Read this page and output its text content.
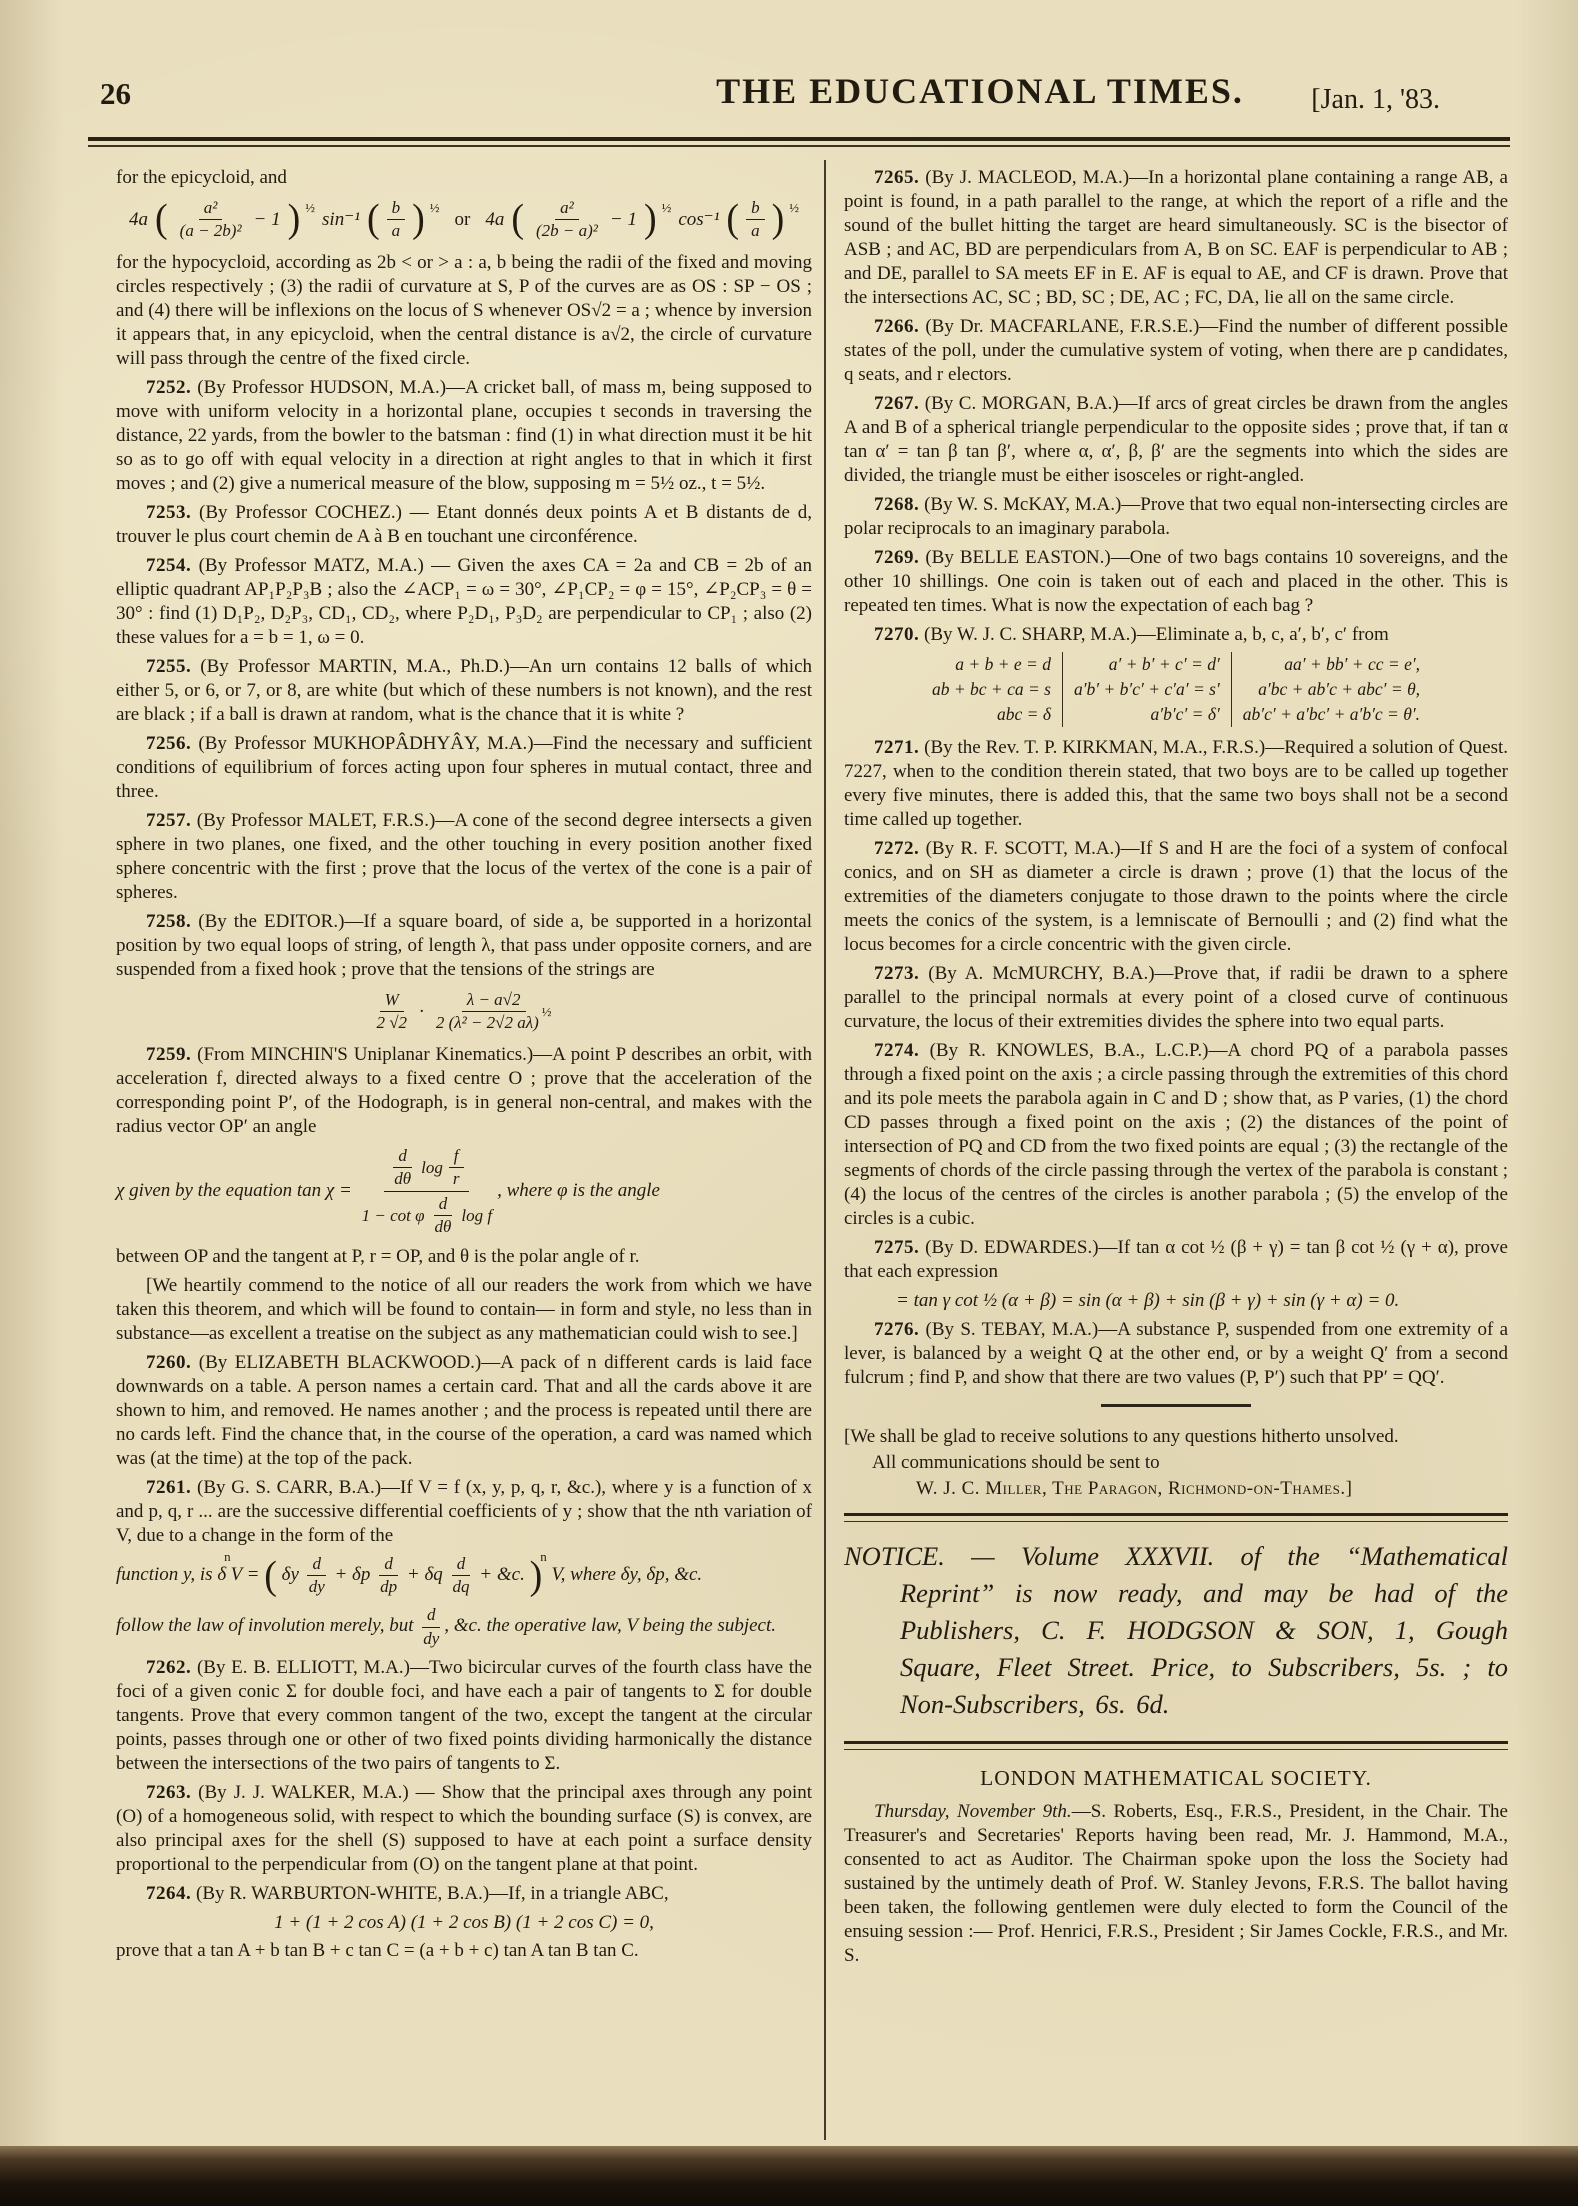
26	THE EDUCATIONAL TIMES.	[Jan. 1, '83.

for the epicycloid, and

4a ( $\frac{\text{a²}}{\text{(a − 2b)²}} - 1$ ) $^{\frac{1}{2}}$
sin⁻¹ ( $\frac{b}{a}$ ) $^{\frac{1}{2}}$
or 4a ( $\frac{\text{a²}}{\text{(2b − a)²}} - 1$ ) $^{\frac{1}{2}}$
cos⁻¹ ( $\frac{b}{a}$ ) $^{\frac{1}{2}}$

for the hypocycloid, according as 2b < or > a : a, b being the radii of the fixed and moving circles respectively ; (3) the radii of curvature at S, P of the curves are as OS : SP − OS ; and (4) there will be inflexions on the locus of S whenever OS√2 = a ; whence by inversion it appears that, in any epicycloid, when the central distance is a√2, the circle of curvature will pass through the centre of the fixed circle.

7252. (By Professor HUDSON, M.A.)—A cricket ball, of mass m, being supposed to move with uniform velocity in a horizontal plane, occupies t seconds in traversing the distance, 22 yards, from the bowler to the batsman : find (1) in what direction must it be hit so as to go off with equal velocity in a direction at right angles to that in which it first moves ; and (2) give a numerical measure of the blow, supposing m = 5½ oz., t = 5½.

7253. (By Professor COCHEZ.) — Etant donnés deux points A et B distants de d, trouver le plus court chemin de A à B en touchant une circonférence.

7254. (By Professor MATZ, M.A.) — Given the axes CA = 2a and CB = 2b of an elliptic quadrant AP₁P₂P₃B ; also the ∠ACP₁ = ω = 30°, ∠P₁CP₂ = φ = 15°, ∠P₂CP₃ = θ = 30° : find (1) D₁P₂, D₂P₃, CD₁, CD₂, where P₂D₁, P₃D₂ are perpendicular to CP₁ ; also (2) these values for a = b = 1, ω = 0.

7255. (By Professor MARTIN, M.A., Ph.D.)—An urn contains 12 balls of which either 5, or 6, or 7, or 8, are white (but which of these numbers is not known), and the rest are black ; if a ball is drawn at random, what is the chance that it is white ?

7256. (By Professor MUKHOPÂDHYÂY, M.A.)—Find the necessary and sufficient conditions of equilibrium of forces acting upon four spheres in mutual contact, three and three.

7257. (By Professor MALET, F.R.S.)—A cone of the second degree intersects a given sphere in two planes, one fixed, and the other touching in every position another fixed sphere concentric with the first ; prove that the locus of the vertex of the cone is a pair of spheres.

7258. (By the EDITOR.)—If a square board, of side a, be supported in a horizontal position by two equal loops of string, of length λ, that pass under opposite corners, and are suspended from a fixed hook ; prove that the tensions of the strings are

$\frac{W}{2 √2} \cdot \lambda - a√2$
2 (λ² − 2√2 aλ)
$^{\frac{1}{2}}$

7259. (From MINCHIN'S Uniplanar Kinematics.)—A point P describes an orbit, with acceleration f, directed always to a fixed centre O ; prove that the acceleration of the corresponding point P′, of the Hodograph, is in general non-central, and makes with the radius vector OP′ an angle

χ given by the equation tan χ =
$\frac{d}{d\theta}$ $\log \frac{f}{r}$
1 − cot φ $\frac{d}{d\theta}$ log f
, where φ is the angle

between OP and the tangent at P, r = OP, and θ is the polar angle of r.

[We heartily commend to the notice of all our readers the work from which we have taken this theorem, and which will be found to contain— in form and style, no less than in substance—as excellent a treatise on the subject as any mathematician could wish to see.]

7260. (By ELIZABETH BLACKWOOD.)—A pack of n different cards is laid face downwards on a table. A person names a certain card. That and all the cards above it are shown to him, and removed. He names another ; and the process is repeated until there are no cards left. Find the chance that, in the course of the operation, a card was named which was (at the time) at the top of the pack.

7261. (By G. S. CARR, B.A.)—If V = f (x, y, p, q, r, &c.), where y is a function of x and p, q, r ... are the successive differential coefficients of y ; show that the nth variation of V, due to a change in the form of the

function y, is $\delta^nV$ = ( δy $\frac{d}{dy} + \delta p \frac{d}{dp} + \delta q \frac{d}{dq}$ + &c. )$^n$ V, where δy, δp, &c.

follow the law of involution merely, but $\frac{d}{dy}$ , &c. the operative law, V being the subject.

7262. (By E. B. ELLIOTT, M.A.)—Two bicircular curves of the fourth class have the foci of a given conic Σ for double foci, and have each a pair of tangents to Σ for double tangents. Prove that every common tangent of the two, except the tangent at the circular points, passes through one or other of two fixed points dividing harmonically the distance between the intersections of the two pairs of tangents to Σ.

7263. (By J. J. WALKER, M.A.) — Show that the principal axes through any point (O) of a homogeneous solid, with respect to which the bounding surface (S) is convex, are also principal axes for the shell (S) supposed to have at each point a surface density proportional to the perpendicular from (O) on the tangent plane at that point.

7264. (By R. WARBURTON-WHITE, B.A.)—If, in a triangle ABC,

1 + (1 + 2 cos A) (1 + 2 cos B) (1 + 2 cos C) = 0,

prove that a tan A + b tan B + c tan C = (a + b + c) tan A tan B tan C.

7265. (By J. MACLEOD, M.A.)—In a horizontal plane containing a range AB, a point is found, in a path parallel to the range, at which the report of a rifle and the sound of the bullet hitting the target are heard simultaneously. SC is the bisector of ASB ; and AC, BD are perpendiculars from A, B on SC. EAF is perpendicular to AB ; and DE, parallel to SA meets EF in E. AF is equal to AE, and CF is drawn. Prove that the intersections AC, SC ; BD, SC ; DE, AC ; FC, DA, lie all on the same circle.

7266. (By Dr. MACFARLANE, F.R.S.E.)—Find the number of different possible states of the poll, under the cumulative system of voting, when there are p candidates, q seats, and r electors.

7267. (By C. MORGAN, B.A.)—If arcs of great circles be drawn from the angles A and B of a spherical triangle perpendicular to the opposite sides ; prove that, if tan α tan α′ = tan β tan β′, where α, α′, β, β′ are the segments into which the sides are divided, the triangle must be either isosceles or right-angled.

7268. (By W. S. McKAY, M.A.)—Prove that two equal non-intersecting circles are polar reciprocals to an imaginary parabola.

7269. (By BELLE EASTON.)—One of two bags contains 10 sovereigns, and the other 10 shillings. One coin is taken out of each and placed in the other. This is repeated ten times. What is now the expectation of each bag ?

7270. (By W. J. C. SHARP, M.A.)—Eliminate a, b, c, a′, b′, c′ from

a + b + e = d
ab + bc + ca = s
abc = δ
a′ + b′ + c′ = d′
a′b′ + b′c′ + c′a′ = s′
a′b′c′ = δ′
aa′ + bb′ + cc = e′,
a′bc + ab′c + abc′ = θ,
ab′c′ + a′bc′ + a′b′c = θ′.

7271. (By the Rev. T. P. KIRKMAN, M.A., F.R.S.)—Required a solution of Quest. 7227, when to the condition therein stated, that two boys are to be called up together every five minutes, there is added this, that the same two boys shall not be a second time called up together.

7272. (By R. F. SCOTT, M.A.)—If S and H are the foci of a system of confocal conics, and on SH as diameter a circle is drawn ; prove (1) that the locus of the extremities of the diameters conjugate to those drawn to the points where the circle meets the conics of the system, is a lemniscate of Bernoulli ; and (2) find what the locus becomes for a circle concentric with the given circle.

7273. (By A. McMURCHY, B.A.)—Prove that, if radii be drawn to a sphere parallel to the principal normals at every point of a closed curve of continuous curvature, the locus of their extremities divides the sphere into two equal parts.

7274. (By R. KNOWLES, B.A., L.C.P.)—A chord PQ of a parabola passes through a fixed point on the axis ; a circle passing through the extremities of this chord and its pole meets the parabola again in C and D ; show that, as P varies, (1) the chord CD passes through a fixed point on the axis ; (2) the distances of the point of intersection of PQ and CD from the two fixed points are equal ; (3) the rectangle of the segments of chords of the circle passing through the vertex of the parabola is constant ; (4) the locus of the centres of the circles is another parabola ; (5) the envelop of the circles is a cubic.

7275. (By D. EDWARDES.)—If tan α cot ½ (β + γ) = tan β cot ½ (γ + α), prove that each expression

= tan γ cot ½ (α + β) = sin (α + β) + sin (β + γ) + sin (γ + α) = 0.

7276. (By S. TEBAY, M.A.)—A substance P, suspended from one extremity of a lever, is balanced by a weight Q at the other end, or by a weight Q′ from a second fulcrum ; find P, and show that there are two values (P, P′) such that PP′ = QQ′.

[We shall be glad to receive solutions to any questions hitherto unsolved.

All communications should be sent to

W. J. C. Miller, The Paragon, Richmond-on-Thames.]

NOTICE. — Volume XXXVII. of the “Mathematical Reprint” is now ready, and may be had of the Publishers, C. F. HODGSON & SON, 1, Gough Square, Fleet Street. Price, to Subscribers, 5s. ; to Non-Subscribers, 6s. 6d.

LONDON MATHEMATICAL SOCIETY.

Thursday, November 9th.—S. Roberts, Esq., F.R.S., President, in the Chair. The Treasurer's and Secretaries' Reports having been read, Mr. J. Hammond, M.A., consented to act as Auditor. The Chairman spoke upon the loss the Society had sustained by the untimely death of Prof. W. Stanley Jevons, F.R.S. The ballot having been taken, the following gentlemen were duly elected to form the Council of the ensuing session :— Prof. Henrici, F.R.S., President ; Sir James Cockle, F.R.S., and Mr. S.
